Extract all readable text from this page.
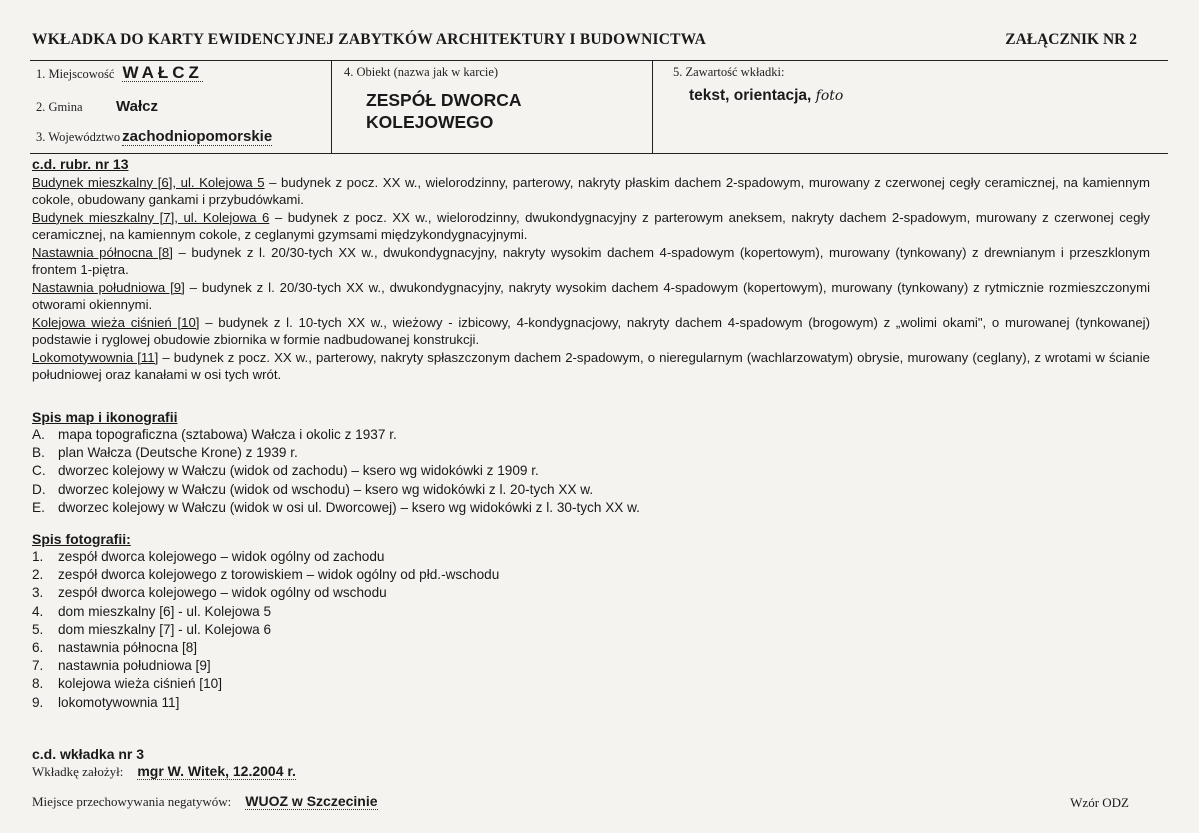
WKŁADKA DO KARTY EWIDENCYJNEJ ZABYTKÓW ARCHITEKTURY I BUDOWNICTWA	ZAŁĄCZNIK NR 2
1. Miejscowość WAŁCZ
2. Gmina	Wałcz
3. Województwo zachodniopomorskie
4. Obiekt (nazwa jak w karcie)
ZESPÓŁ DWORCA
KOLEJOWEGO
5. Zawartość wkładki:
tekst, orientacja, foto
c.d. rubr. nr 13

Budynek mieszkalny [6], ul. Kolejowa 5 – budynek z pocz. XX w., wielorodzinny, parterowy, nakryty płaskim dachem 2-spadowym, murowany z czerwonej cegły ceramicznej, na kamiennym cokole, obudowany gankami i przybudówkami.

Budynek mieszkalny [7], ul. Kolejowa 6 – budynek z pocz. XX w., wielorodzinny, dwukondygnacyjny z parterowym aneksem, nakryty dachem 2-spadowym, murowany z czerwonej cegły ceramicznej, na kamiennym cokole, z ceglanymi gzymsami międzykondygnacyjnymi.

Nastawnia północna [8] – budynek z l. 20/30-tych XX w., dwukondygnacyjny, nakryty wysokim dachem 4-spadowym (kopertowym), murowany (tynkowany) z drewnianym i przeszklonym frontem 1-piętra.

Nastawnia południowa [9] – budynek z l. 20/30-tych XX w., dwukondygnacyjny, nakryty wysokim dachem 4-spadowym (kopertowym), murowany (tynkowany) z rytmicznie rozmieszczonymi otworami okiennymi.

Kolejowa wieża ciśnień [10] – budynek z l. 10-tych XX w., wieżowy - izbicowy, 4-kondygnacjowy, nakryty dachem 4-spadowym (brogowym) z „wolimi okami", o murowanej (tynkowanej) podstawie i ryglowej obudowie zbiornika w formie nadbudowanej konstrukcji.

Lokomotywownia [11] – budynek z pocz. XX w., parterowy, nakryty spłaszczonym dachem 2-spadowym, o nieregularnym (wachlarzowatym) obrysie, murowany (ceglany), z wrotami w ścianie południowej oraz kanałami w osi tych wrót.

Spis map i ikonografii
A. mapa topograficzna (sztabowa) Wałcza i okolic z 1937 r.
B. plan Wałcza (Deutsche Krone) z 1939 r.
C. dworzec kolejowy w Wałczu (widok od zachodu) – ksero wg widokówki z 1909 r.
D. dworzec kolejowy w Wałczu (widok od wschodu) – ksero wg widokówki z l. 20-tych XX w.
E. dworzec kolejowy w Wałczu (widok w osi ul. Dworcowej) – ksero wg widokówki z l. 30-tych XX w.
Spis fotografii:
1.	zespół dworca kolejowego – widok ogólny od zachodu
2.	zespół dworca kolejowego z torowiskiem – widok ogólny od płd.-wschodu
3.	zespół dworca kolejowego – widok ogólny od wschodu
4.	dom mieszkalny [6] - ul. Kolejowa 5
5.	dom mieszkalny [7] - ul. Kolejowa 6
6.	nastawnia północna [8]
7.	nastawnia południowa [9]
8.	kolejowa wieża ciśnień [10]
9.	lokomotywownia 11]
c.d. wkładka nr 3
Wkładkę założył: mgr W. Witek, 12.2004 r.
Miejsce przechowywania negatywów: WUOZ w Szczecinie	Wzór ODZ
